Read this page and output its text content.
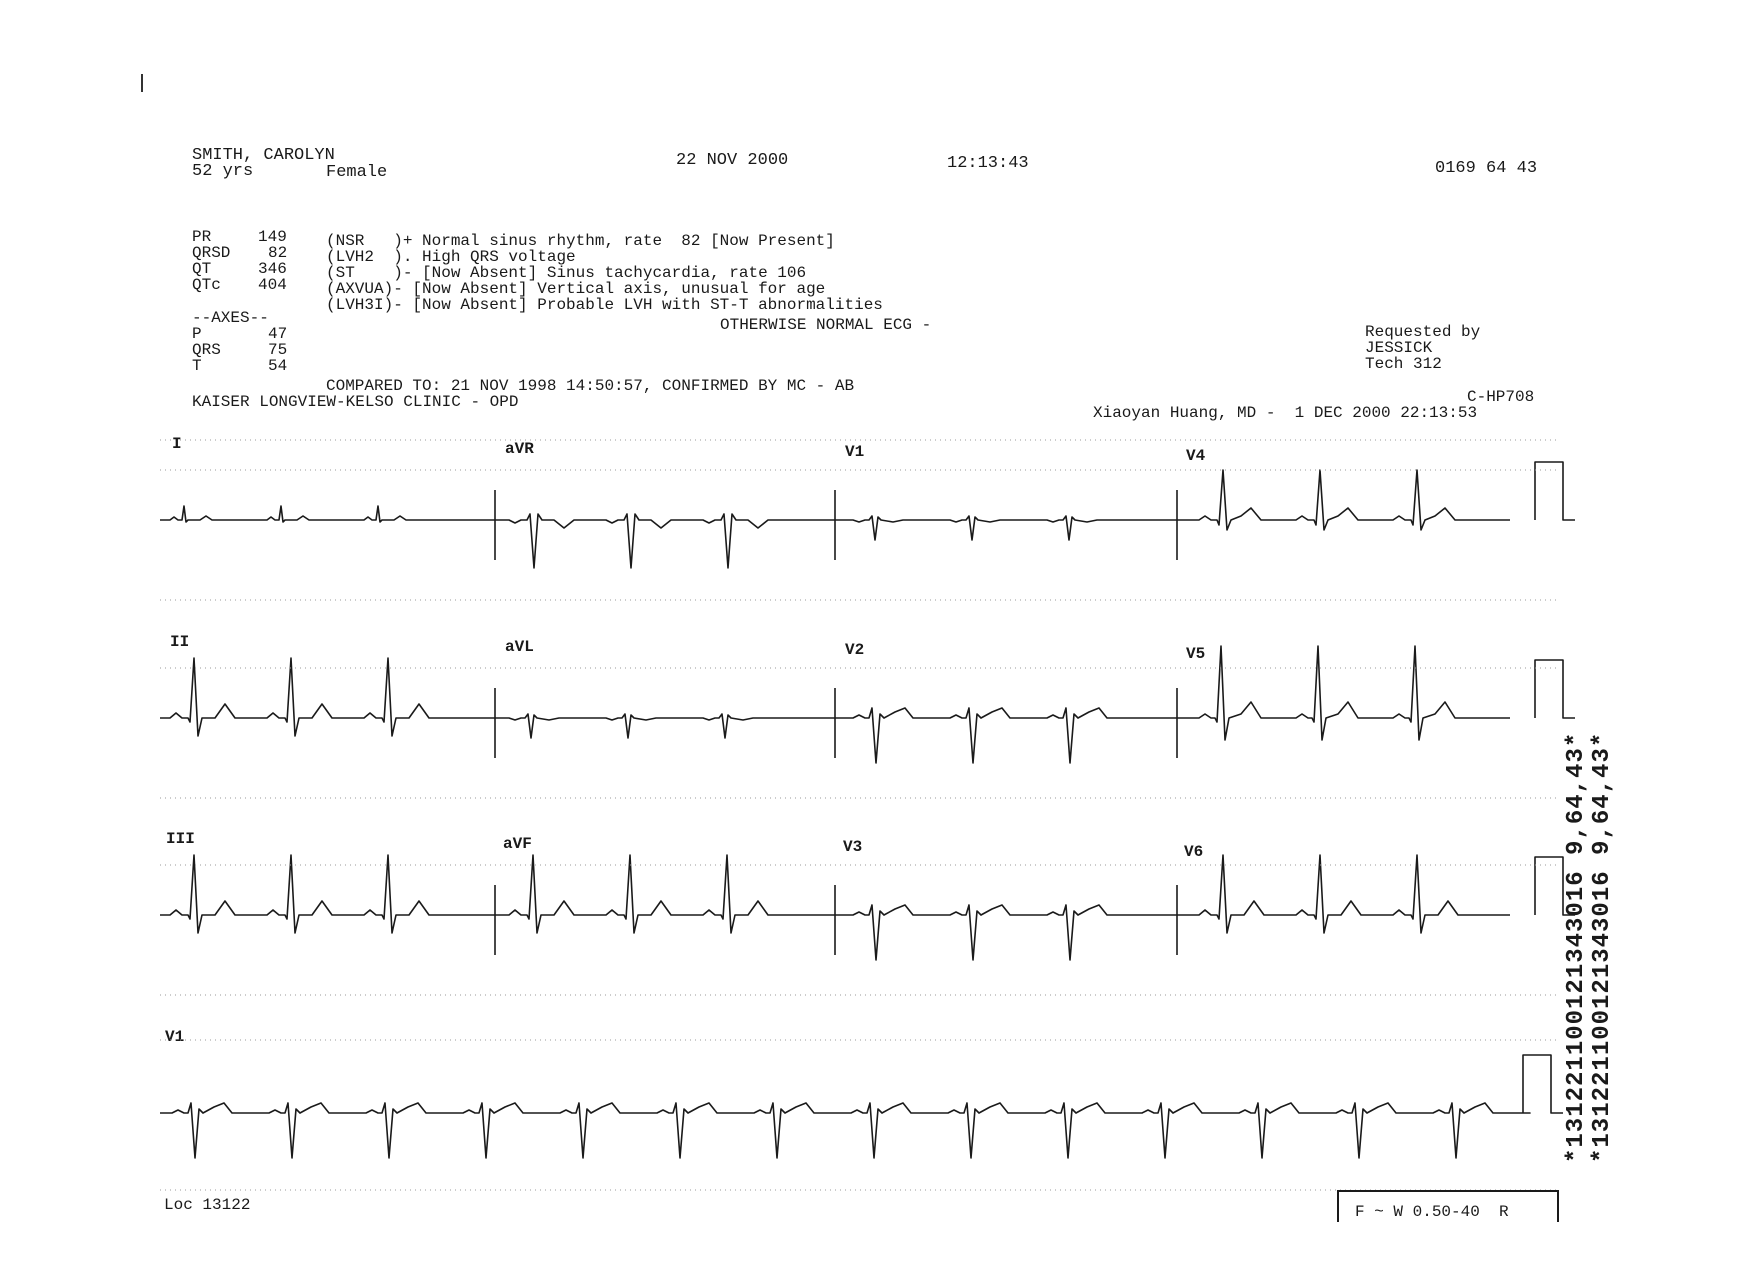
SMITH, CAROLYN
52 yrs	Female
22 NOV 2000	12:13:43	0169 64 43
PR	149
QRSD 82
QT	346
QTc 404
--AXES--
P	47
QRS	75
T	54
(NSR   )+ Normal sinus rhythm, rate  82 [Now Present]
(LVH2  ). High QRS voltage
(ST    )- [Now Absent] Sinus tachycardia, rate 106
(AXVUA)- [Now Absent] Vertical axis, unusual for age
(LVH3I)- [Now Absent] Probable LVH with ST-T abnormalities
OTHERWISE NORMAL ECG -
COMPARED TO: 21 NOV 1998 14:50:57, CONFIRMED BY MC - AB
KAISER LONGVIEW-KELSO CLINIC - OPD
Requested by
JESSICK
Tech 312
C-HP708
Xiaoyan Huang, MD -  1 DEC 2000 22:13:53
I	aVR	V1	V4
II	aVL	V2	V5
III	aVF	V3	V6
V1	*131221100121343016 9,64,43* *131221100121343016 9,64,43*
Loc 13122	F ~ W 0.50-40  R
